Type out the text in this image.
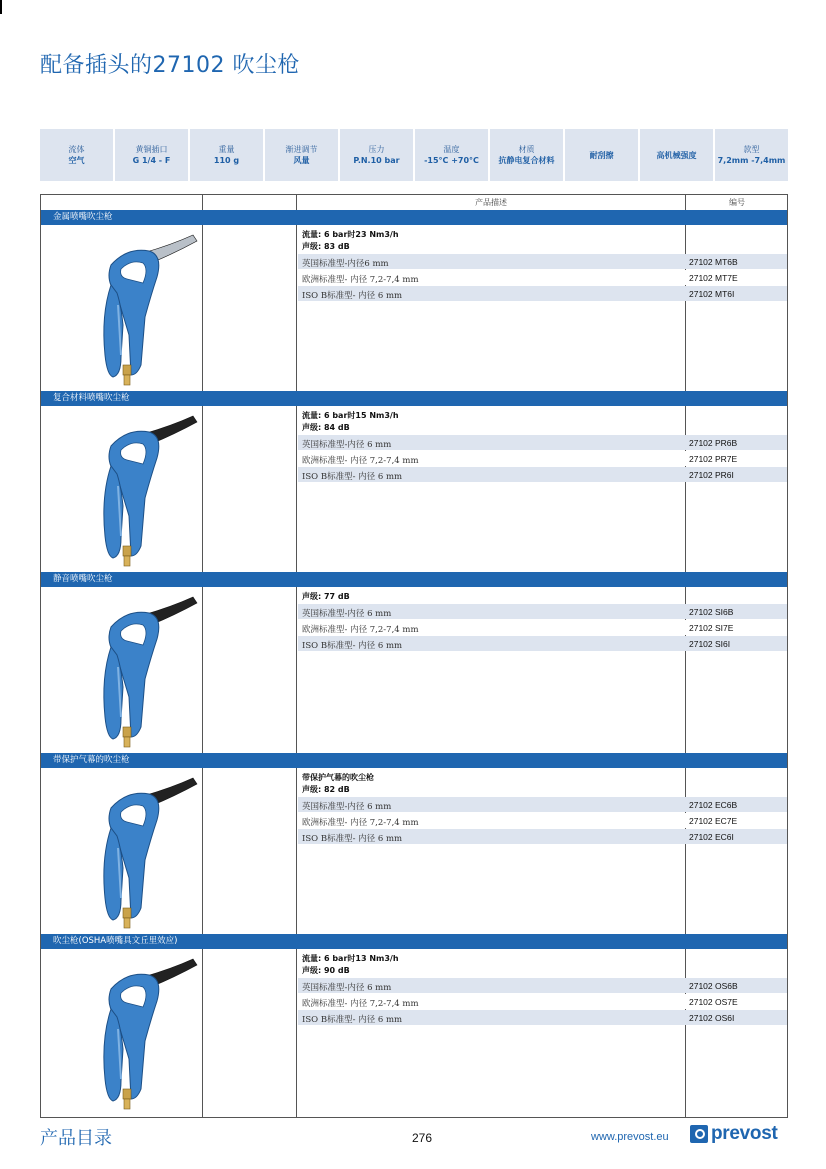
配备插头的27102 吹尘枪
流体
空气
黄铜插口
G 1/4 - F
重量
110 g
渐进调节
风量
压力
P.N.10 bar
温度
-15°C +70°C
材质
抗静电复合材料
耐刮擦	高机械强度
款型
7,2mm -7,4mm
产品描述	编号
金属喷嘴吹尘枪
流量: 6 bar时23 Nm3/h
声级: 83 dB
英国标准型-内径6 mm	27102 MT6B
欧洲标准型- 内径 7,2-7,4 mm	27102 MT7E
ISO B标准型- 内径 6 mm	27102 MT6I
复合材料喷嘴吹尘枪
流量: 6 bar时15 Nm3/h
声级: 84 dB
英国标准型-内径 6 mm	27102 PR6B
欧洲标准型- 内径 7,2-7,4 mm	27102 PR7E
ISO B标准型- 内径 6 mm	27102 PR6I
静音喷嘴吹尘枪
声级: 77 dB
英国标准型-内径 6 mm	27102 SI6B
欧洲标准型- 内径 7,2-7,4 mm	27102 SI7E
ISO B标准型- 内径 6 mm	27102 SI6I
带保护气幕的吹尘枪
带保护气幕的吹尘枪
声级: 82 dB
英国标准型-内径 6 mm	27102 EC6B
欧洲标准型- 内径 7,2-7,4 mm	27102 EC7E
ISO B标准型- 内径 6 mm	27102 EC6I
吹尘枪(OSHA喷嘴具文丘里效应)
流量: 6 bar时13 Nm3/h
声级: 90 dB
英国标准型-内径 6 mm	27102 OS6B
欧洲标准型- 内径 7,2-7,4 mm	27102 OS7E
ISO B标准型- 内径 6 mm	27102 OS6I
产品目录	276	www.prevost.eu prevost
